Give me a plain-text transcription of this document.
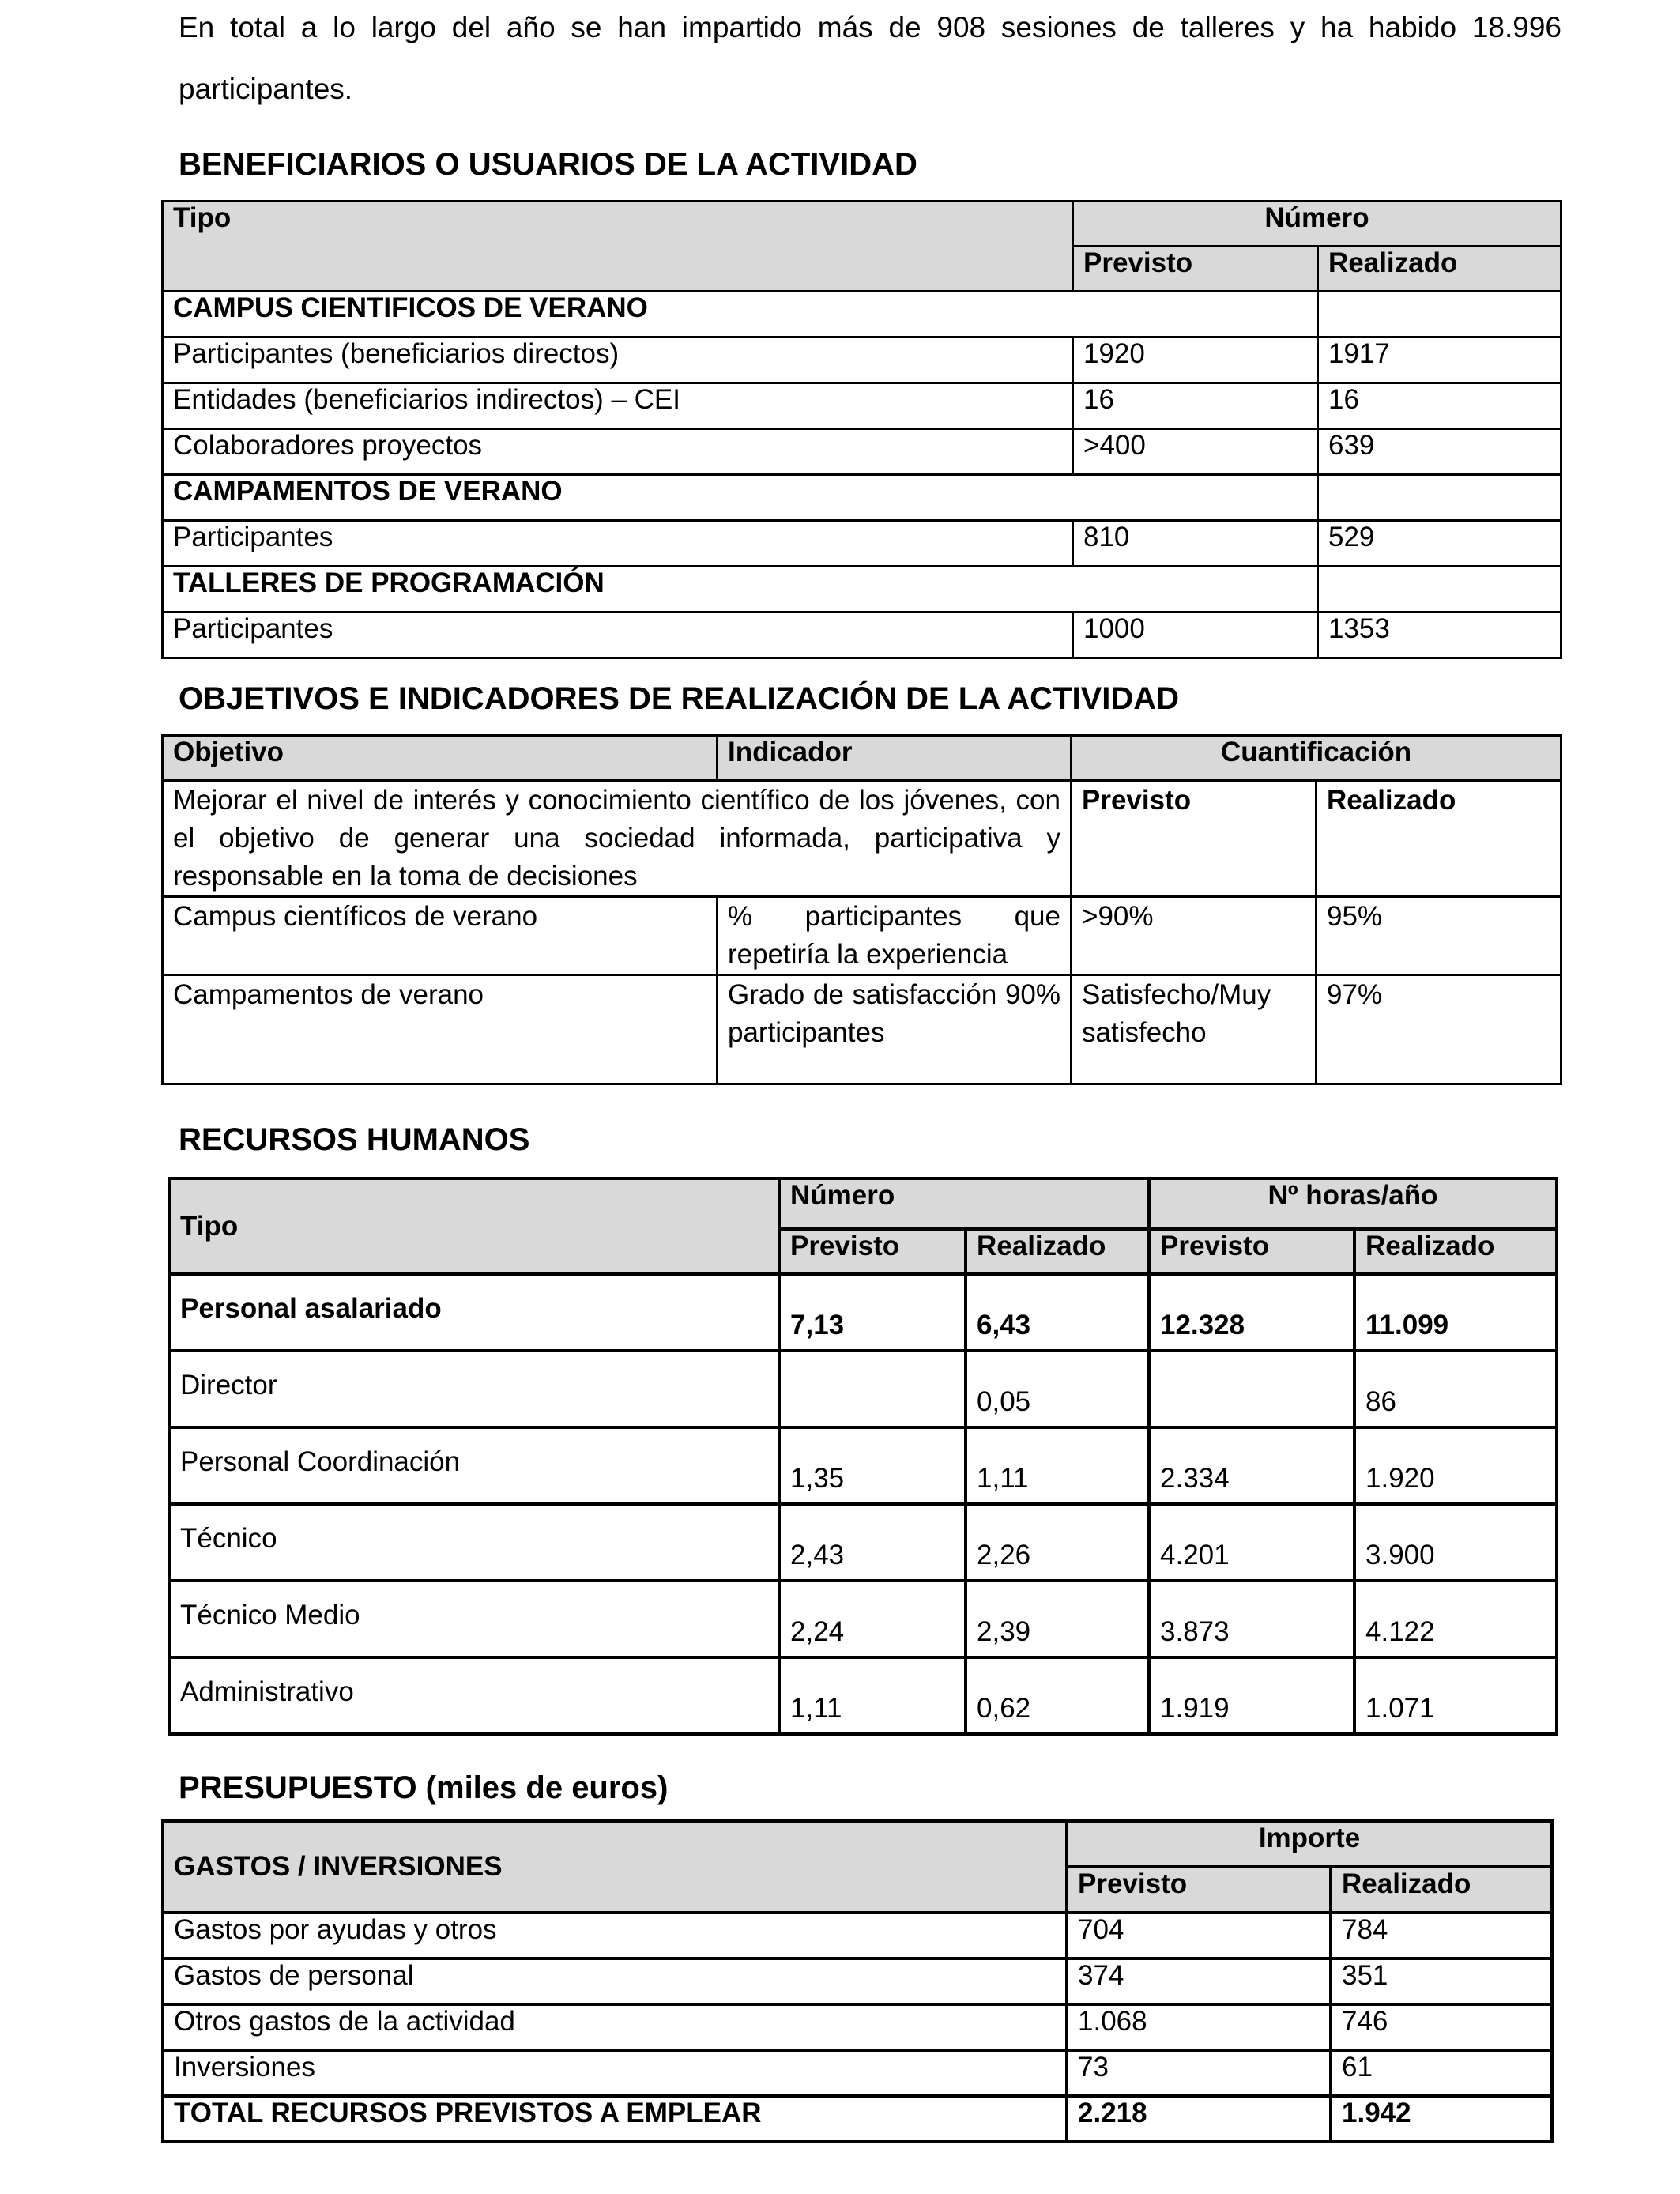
En total a lo largo del año se han impartido más de 908 sesiones de talleres y ha habido 18.996 participantes.

BENEFICIARIOS O USUARIOS DE LA ACTIVIDAD
Tipo	Número	
	Previsto	Realizado
CAMPUS CIENTIFICOS DE VERANO		
Participantes (beneficiarios directos)	1920	1917
Entidades (beneficiarios indirectos) – CEI	16	16
Colaboradores proyectos	>400	639
CAMPAMENTOS DE VERANO		
Participantes	810	529
TALLERES DE PROGRAMACIÓN		
Participantes	1000	1353
OBJETIVOS E INDICADORES DE REALIZACIÓN DE LA ACTIVIDAD
Objetivo	Indicador	Cuantificación	
Mejorar el nivel de interés y conocimiento científico de los jóvenes, con el objetivo de generar una sociedad informada, participativa y responsable en la toma de decisiones		Previsto	Realizado
Campus científicos de verano	% participantes que repetiría la experiencia	>90%	95%
Campamentos de verano	Grado de satisfacción 90% participantes	Satisfecho/Muy satisfecho	97%
RECURSOS HUMANOS
Tipo	Número		Nº horas/año	
	Previsto	Realizado	Previsto	Realizado
Personal asalariado	7,13	6,43	12.328	11.099
Director		0,05		86
Personal Coordinación	1,35	1,11	2.334	1.920
Técnico	2,43	2,26	4.201	3.900
Técnico Medio	2,24	2,39	3.873	4.122
Administrativo	1,11	0,62	1.919	1.071
PRESUPUESTO (miles de euros)
GASTOS / INVERSIONES	Importe	
	Previsto	Realizado
Gastos por ayudas y otros	704	784
Gastos de personal	374	351
Otros gastos de la actividad	1.068	746
Inversiones	73	61
TOTAL RECURSOS PREVISTOS A EMPLEAR	2.218	1.942
